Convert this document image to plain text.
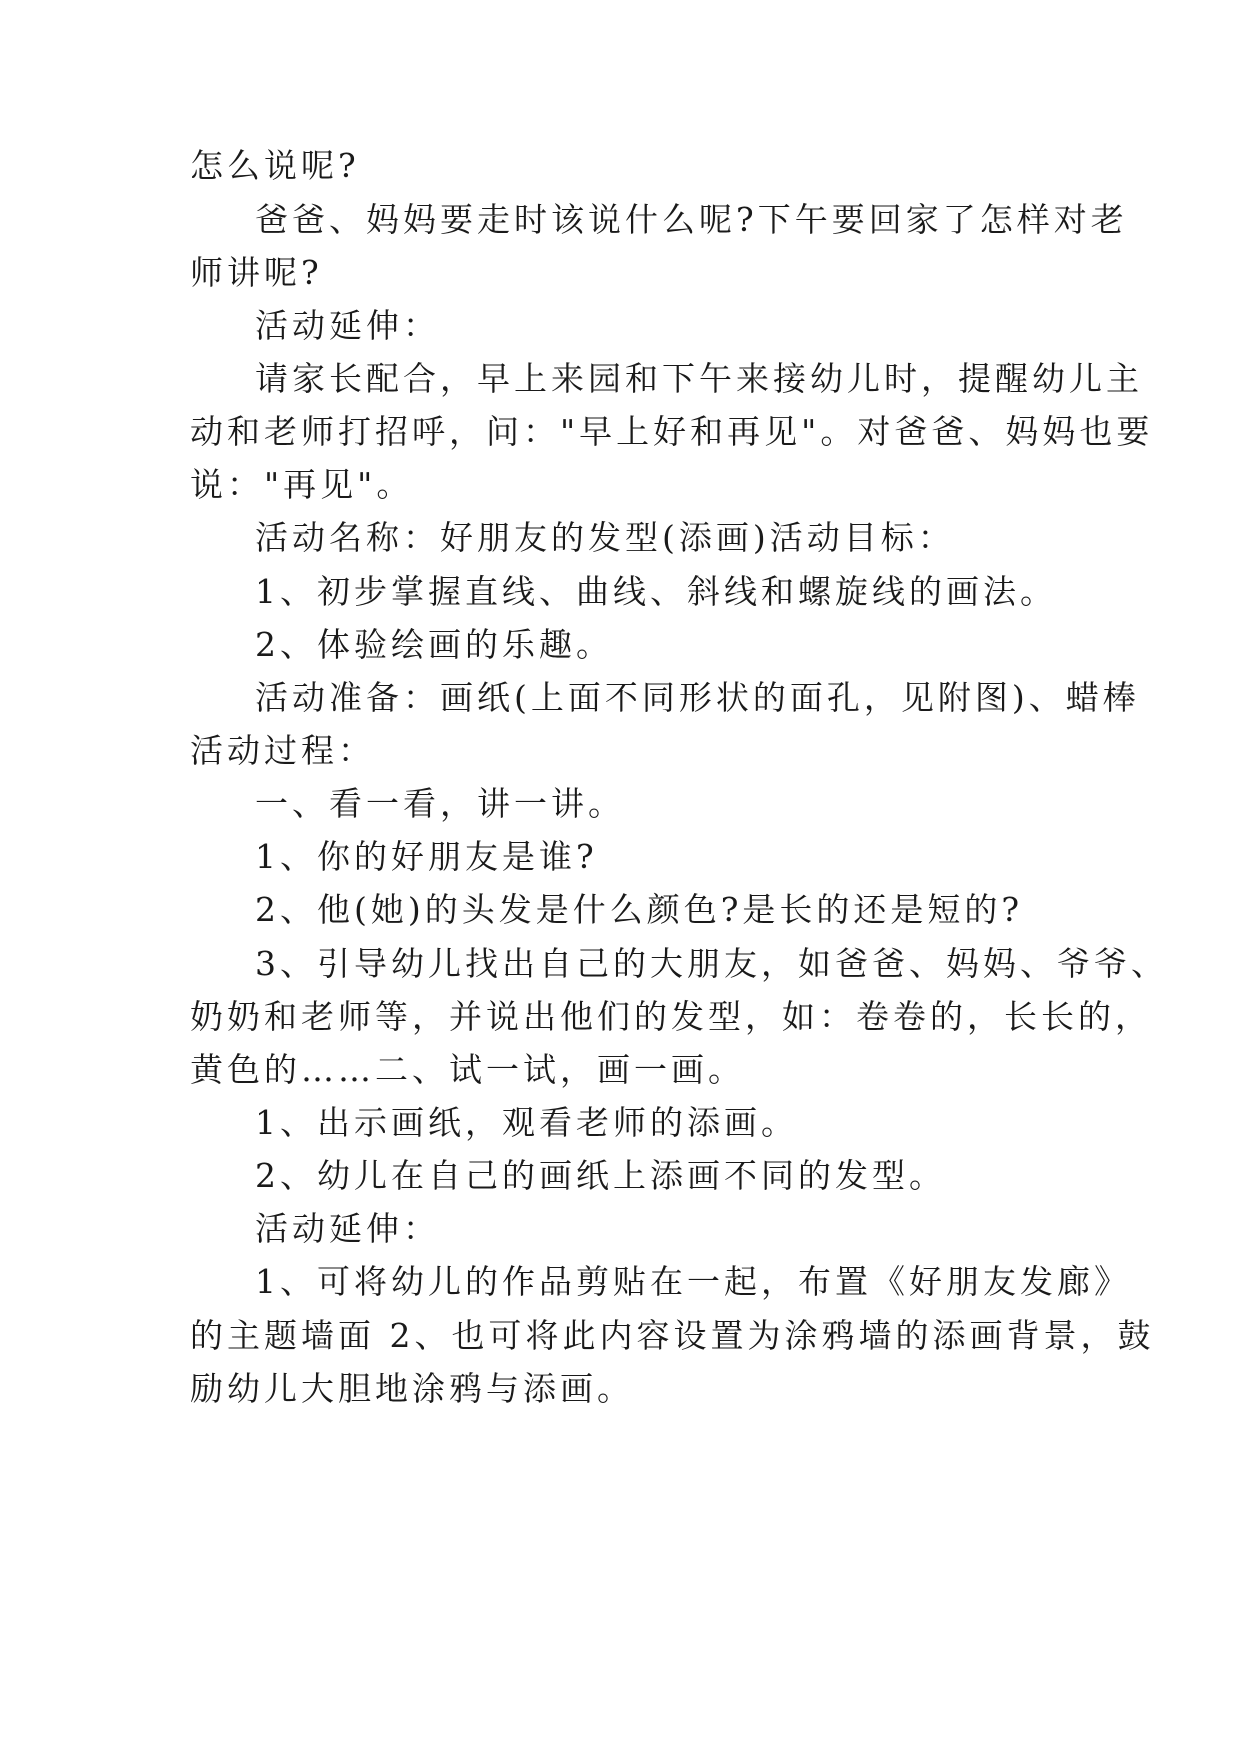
怎么说呢?
爸爸、妈妈要走时该说什么呢?下午要回家了怎样对老
师讲呢?
活动延伸：
请家长配合，早上来园和下午来接幼儿时，提醒幼儿主
动和老师打招呼，问："早上好和再见"。对爸爸、妈妈也要
说："再见"。
活动名称：好朋友的发型(添画)活动目标：
1、初步掌握直线、曲线、斜线和螺旋线的画法。
2、体验绘画的乐趣。
活动准备：画纸(上面不同形状的面孔，见附图)、蜡棒
活动过程：
一、看一看，讲一讲。
1、你的好朋友是谁?
2、他(她)的头发是什么颜色?是长的还是短的?
3、引导幼儿找出自己的大朋友，如爸爸、妈妈、爷爷、
奶奶和老师等，并说出他们的发型，如：卷卷的，长长的，
黄色的……二、试一试，画一画。
1、出示画纸，观看老师的添画。
2、幼儿在自己的画纸上添画不同的发型。
活动延伸：
1、可将幼儿的作品剪贴在一起，布置《好朋友发廊》
的主题墙面 2、也可将此内容设置为涂鸦墙的添画背景，鼓
励幼儿大胆地涂鸦与添画。
